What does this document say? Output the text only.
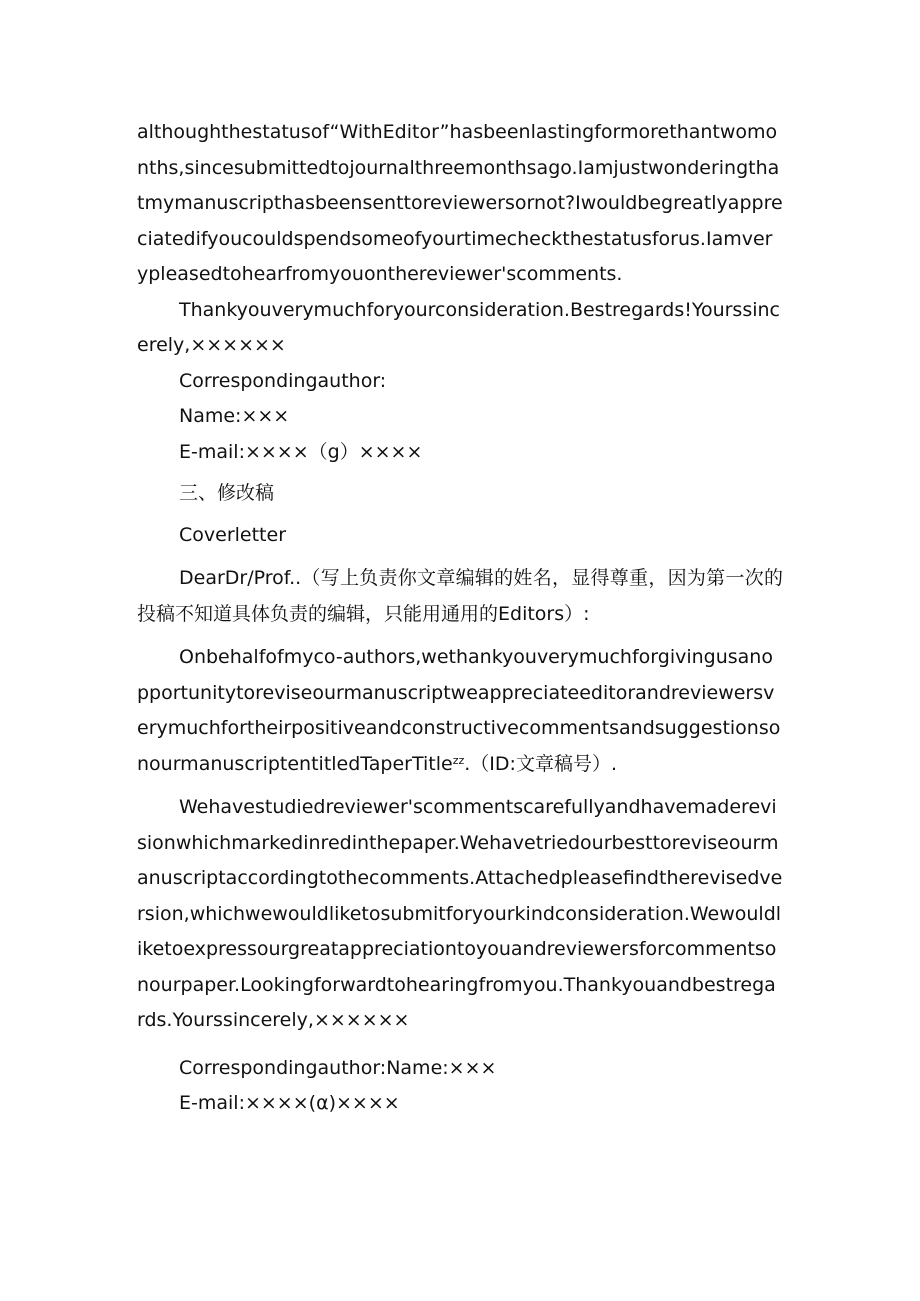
althoughthestatusof“WithEditor”hasbeenlastingformorethantwomonths,sincesubmittedtojournalthreemonthsago.Iamjustwonderingthatmymanuscripthasbeensenttoreviewersornot?Iwouldbegreatlyappreciatedifyoucouldspendsomeofyourtimecheckthestatusforus.Iamverypleasedtohearfromyouonthereviewer'scomments.

Thankyouverymuchforyourconsideration.Bestregards!Yourssincerely,××××××

Correspondingauthor:

Name:×××

E-mail:××××（g）××××

三、修改稿

Coverletter

DearDr/Prof..（写上负责你文章编辑的姓名，显得尊重，因为第一次的投稿不知道具体负责的编辑，只能用通用的Editors）:

Onbehalfofmyco-authors,wethankyouverymuchforgivingusanopportunitytoreviseourmanuscriptweappreciateeditorandreviewersverymuchfortheirpositiveandconstructivecommentsandsuggestionsonourmanuscriptentitledTaperTitle$^{zz}$.（ID:文章稿号）.

Wehavestudiedreviewer'scommentscarefullyandhavemaderevisionwhichmarkedinredinthepaper.Wehavetriedourbesttoreviseourmanuscriptaccordingtothecomments.Attachedpleasefindtherevisedversion,whichwewouldliketosubmitforyourkindconsideration.Wewouldliketoexpressourgreatappreciationtoyouandreviewersforcommentsonourpaper.Lookingforwardtohearingfromyou.Thankyouandbestregards.Yourssincerely,××××××

Correspondingauthor:Name:×××

E-mail:××××(α)××××
